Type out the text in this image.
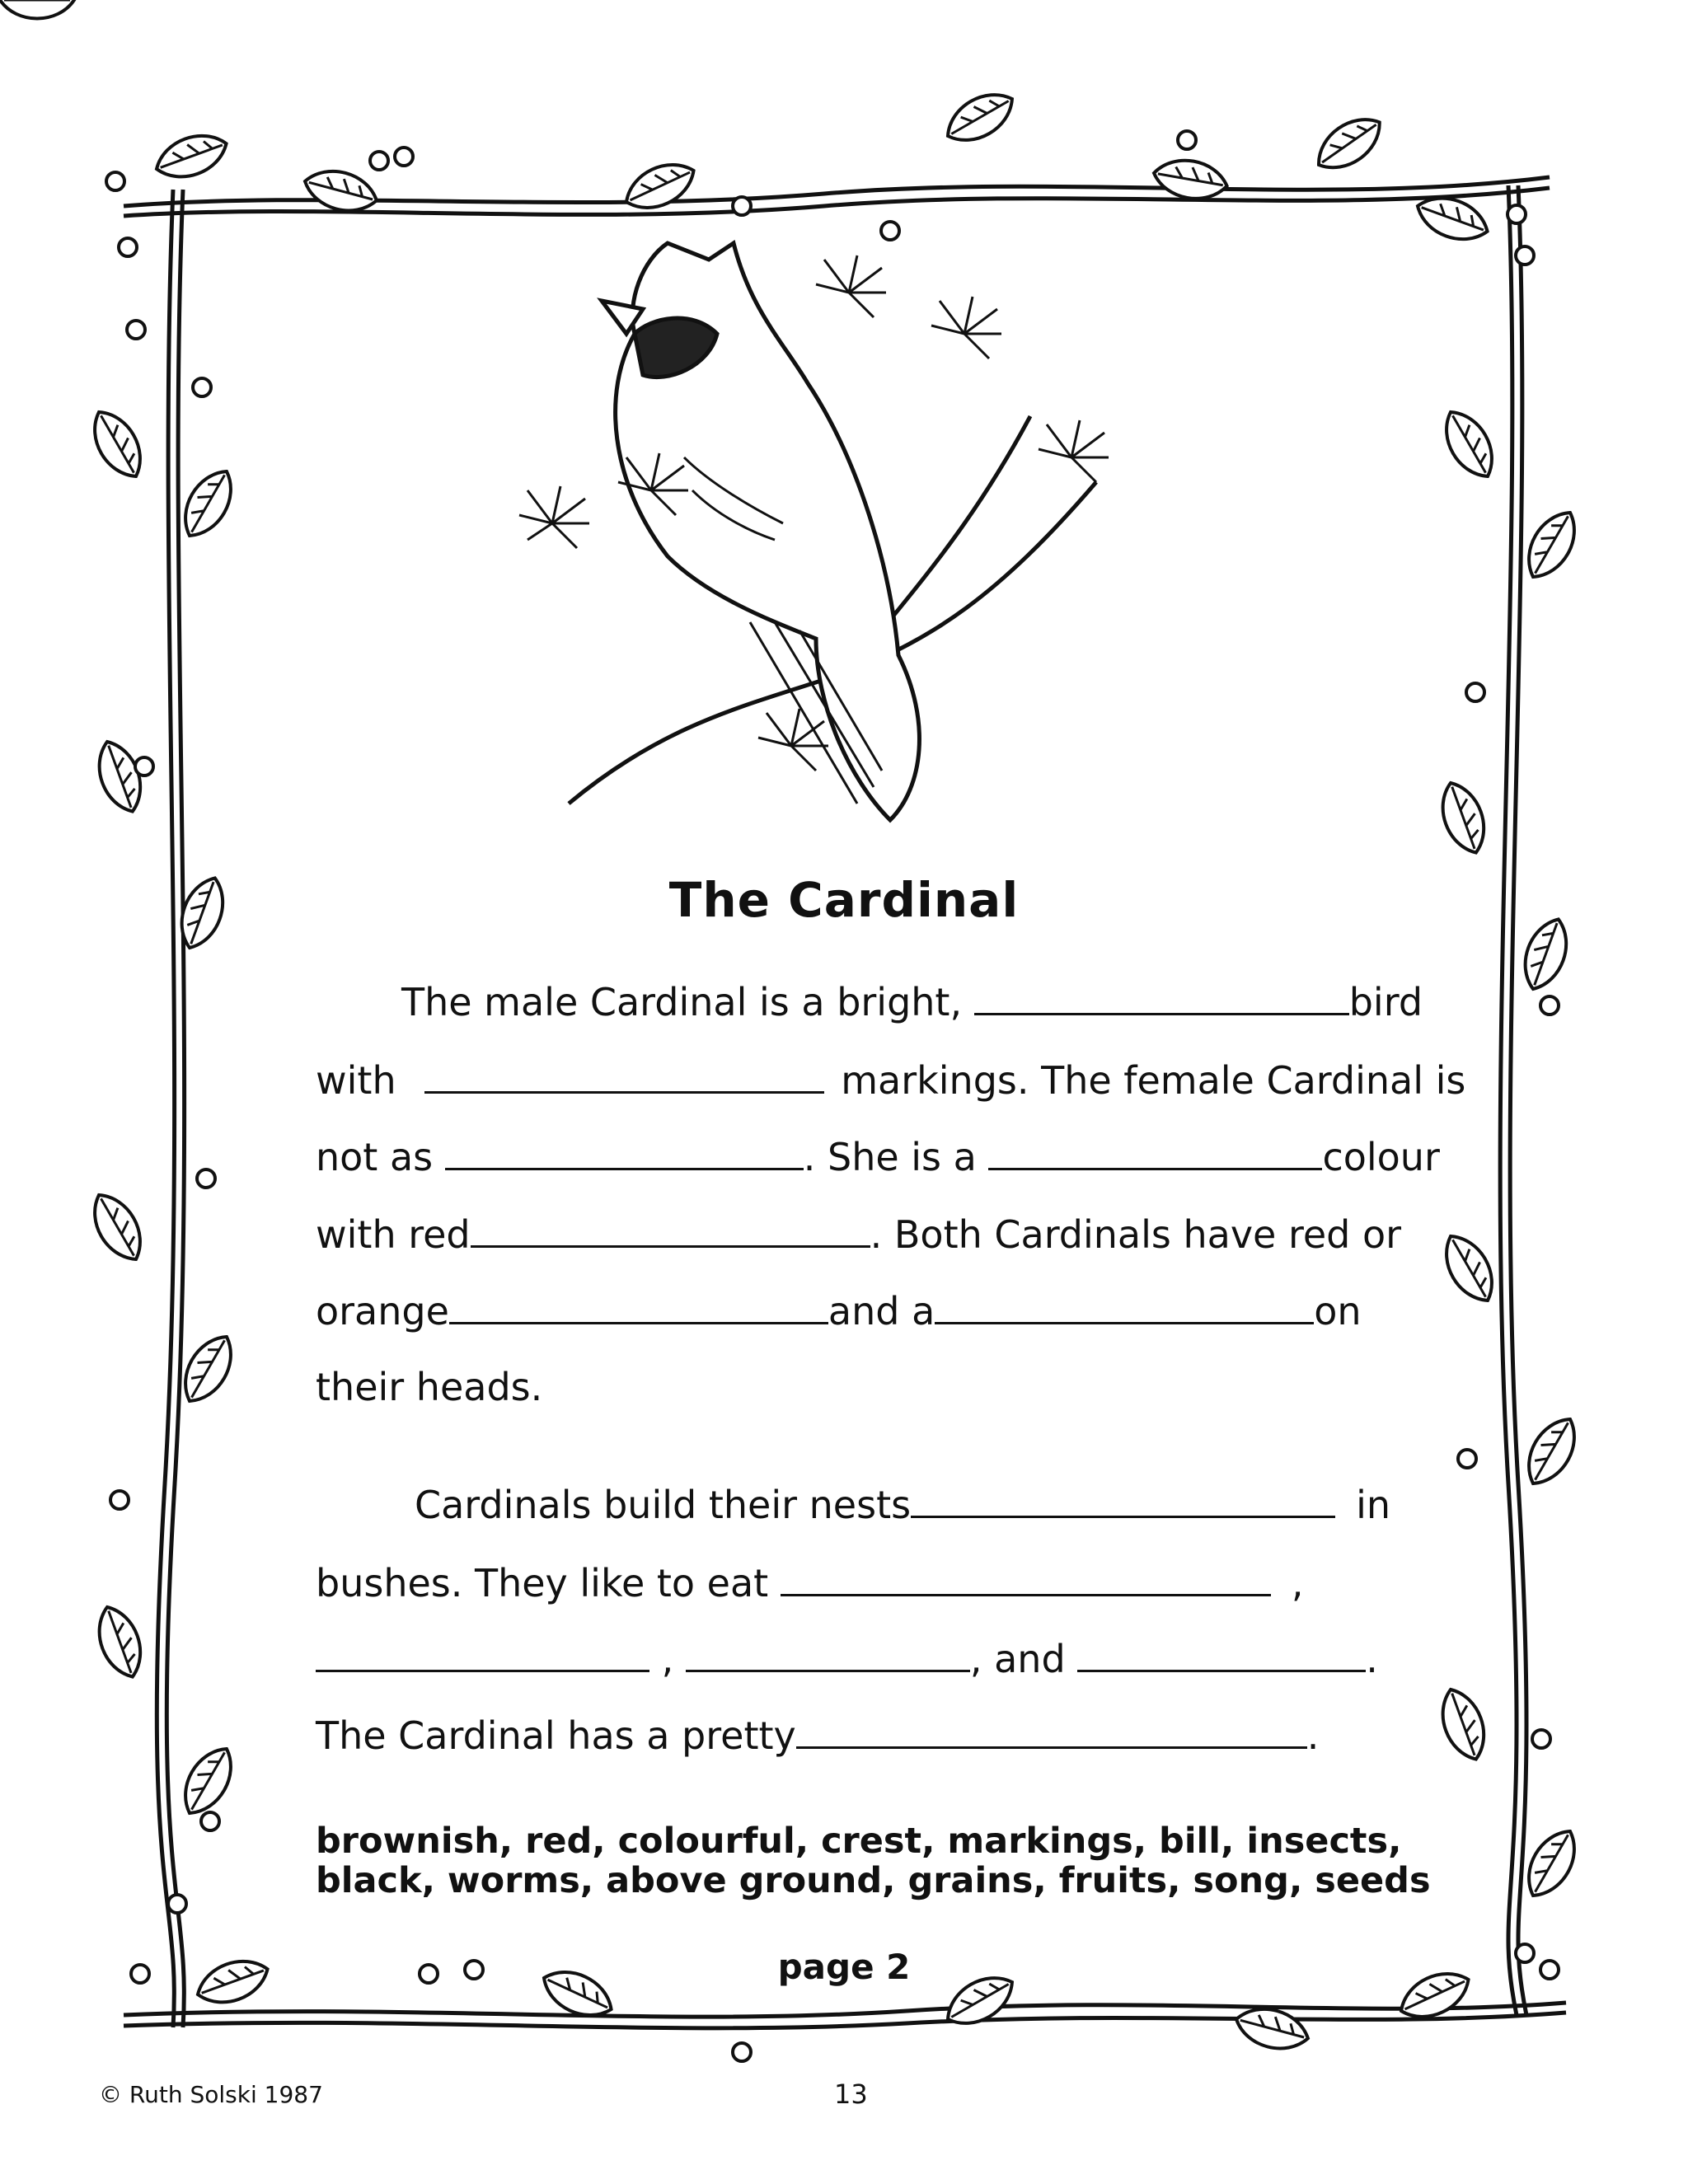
The Cardinal
The male Cardinal is a bright,	bird
with	markings. The female Cardinal is
not as	. She is a	colour
with red	. Both Cardinals have red or
orange	and a	on
their heads.
Cardinals build their nests	in
bushes. They like to eat	,
,	, and	.
The Cardinal has a pretty	.
brownish, red, colourful, crest, markings, bill, insects,
black, worms, above ground, grains, fruits, song, seeds
page 2
© Ruth Solski 1987	13
